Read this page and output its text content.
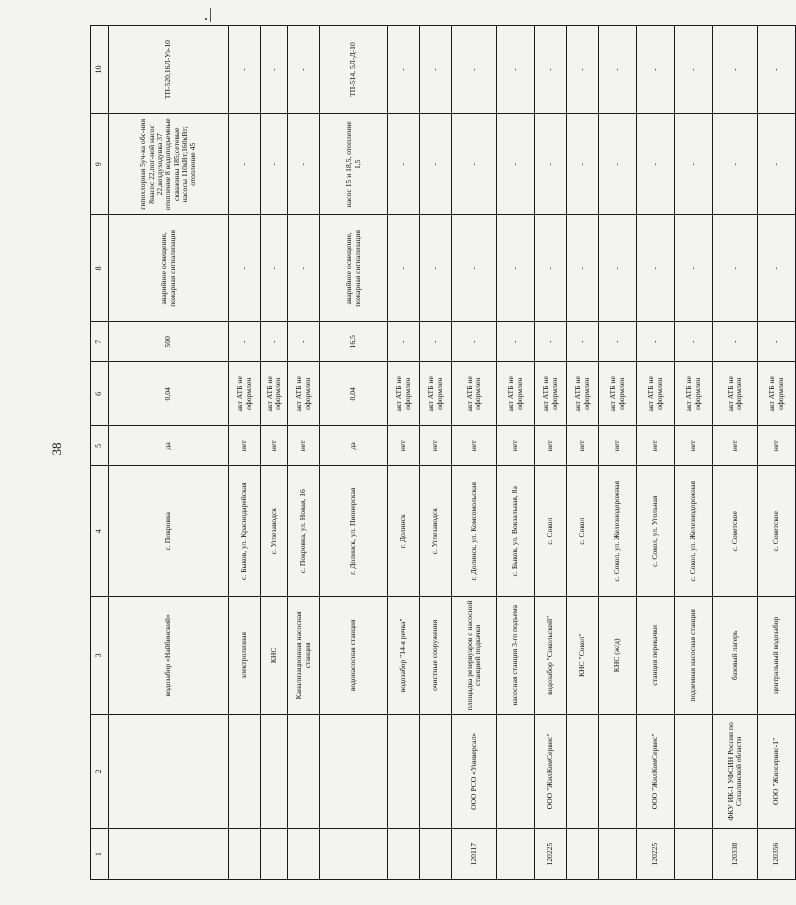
38
1	2	3	4	5	6	7	8	9	10
		водозабор «Найбинский»	с. Покровка	да	0,04	500	аварийное освещение, пожарная сигнализация	гипохлорная 5уч-ка обс-ния 8насос 22,пог-ной насос 22,воздуходувка 37 отопление 8 водоподъемные скважины 185;сетевые насосы 110кВт;160кВт; отопление 45	ТП-520,16Л-Уз-10
		электролизная	с. Быков, ул. Краснодарейская	нет	акт АТБ не оформлен	-	-	-	-
		КНС	с. Углезаводск	нет	акт АТБ не оформлен	-	-	-	-
		Канализационная насосная станция	с. Покровка, ул. Новая, 16	нет	акт АТБ не оформлен	-	-	-	-
		водонасосная станция	г. Долинск, ул. Пионерская	да	0,04	16,5	аварийное освещение, пожарная сигнализация	насос 15 и 18,5, отопление 1,5	ТП-514, 5Л-Д-10
		водозабор "14-я речка"	г. Долинск	нет	акт АТБ не оформлен	-	-	-	-
		очистные сооружения	с. Углезаводск	нет	акт АТБ не оформлен	-	-	-	-
120117	ООО РСО «Универсал»	площадка резервуаров с насосной станцией подкачки	г. Долинск, ул. Комсомольская	нет	акт АТБ не оформлен	-	-	-	-
		насосная станция 3-го подъема	с. Быков, ул. Вокзальная, 8а	нет	акт АТБ не оформлен	-	-	-	-
120225	ООО "ЖилКомСервис"	водозабор "Сокольский"	с. Сокол	нет	акт АТБ не оформлен	-	-	-	-
		КНС "Сокол"	с. Сокол	нет	акт АТБ не оформлен	-	-	-	-
		КНС (ж/д)	с. Сокол, ул. Железнодорожная	нет	акт АТБ не оформлен	-	-	-	-
120225	ООО "ЖилКомСервис"	станция перекачки	с. Сокол, ул. Угольная	нет	акт АТБ не оформлен	-	-	-	-
		подземная насосная станция	с. Сокол, ул. Железнодорожная	нет	акт АТБ не оформлен	-	-	-	-
120338	ФКУ ИК-1 УФСИН России по Сахалинской области	базовый лагерь	с. Советское	нет	акт АТБ не оформлен	-	-	-	-
120356	ООО "Жилсервис-1"	центральный водозабор	с. Советское	нет	акт АТБ не оформлен	-	-	-	-
